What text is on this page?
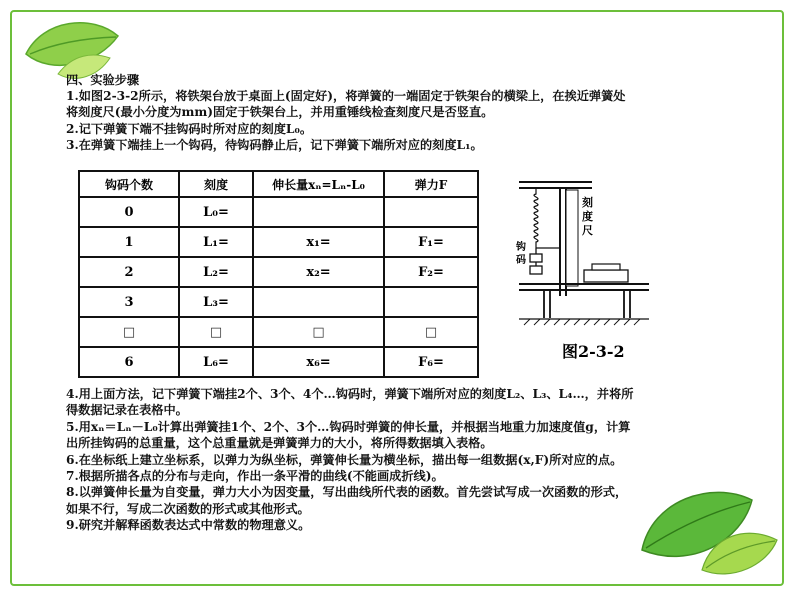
四、实验步骤
1.如图2-3-2所示，将铁架台放于桌面上(固定好)，将弹簧的一端固定于铁架台的横梁上，在挨近弹簧处
将刻度尺(最小分度为mm)固定于铁架台上，并用重锤线检查刻度尺是否竖直。
2.记下弹簧下端不挂钩码时所对应的刻度L₀。
3.在弹簧下端挂上一个钩码，待钩码静止后，记下弹簧下端所对应的刻度L₁。
钩码个数	刻度	伸长量xₙ=Lₙ-L₀	弹力F
0	L₀=		
1	L₁=	x₁=	F₁=
2	L₂=	x₂=	F₂=
3	L₃=		
□	□	□	□
6	L₆=	x₆=	F₆=
刻
度
尺
钩
码
图2-3-2
4.用上面方法，记下弹簧下端挂2个、3个、4个…钩码时，弹簧下端所对应的刻度L₂、L₃、L₄…，并将所
得数据记录在表格中。
5.用xₙ＝Lₙ－L₀计算出弹簧挂1个、2个、3个…钩码时弹簧的伸长量，并根据当地重力加速度值g，计算
出所挂钩码的总重量，这个总重量就是弹簧弹力的大小，将所得数据填入表格。
6.在坐标纸上建立坐标系，以弹力为纵坐标，弹簧伸长量为横坐标，描出每一组数据(x,F)所对应的点。
7.根据所描各点的分布与走向，作出一条平滑的曲线(不能画成折线)。
8.以弹簧伸长量为自变量，弹力大小为因变量，写出曲线所代表的函数。首先尝试写成一次函数的形式，
如果不行，写成二次函数的形式或其他形式。
9.研究并解释函数表达式中常数的物理意义。
